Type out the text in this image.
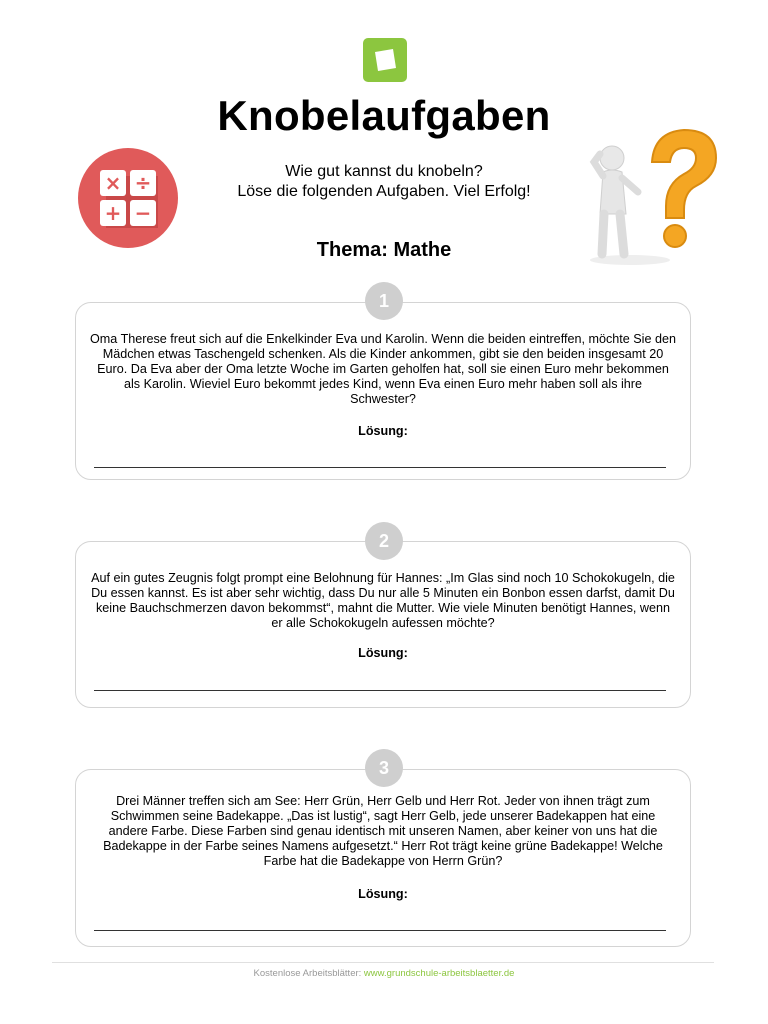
Knobelaufgaben
× ÷
+ −
Wie gut kannst du knobeln?
Löse die folgenden Aufgaben. Viel Erfolg!
Thema: Mathe
Oma Therese freut sich auf die Enkelkinder Eva und Karolin. Wenn die beiden eintreffen, möchte Sie den Mädchen etwas Taschengeld schenken. Als die Kinder ankommen, gibt sie den beiden insgesamt 20 Euro. Da Eva aber der Oma letzte Woche im Garten geholfen hat, soll sie einen Euro mehr bekommen als Karolin. Wieviel Euro bekommt jedes Kind, wenn Eva einen Euro mehr haben soll als ihre Schwester?
Lösung:
1
Auf ein gutes Zeugnis folgt prompt eine Belohnung für Hannes: „Im Glas sind noch 10 Schokokugeln, die Du essen kannst. Es ist aber sehr wichtig, dass Du nur alle 5 Minuten ein Bonbon essen darfst, damit Du keine Bauchschmerzen davon bekommst“, mahnt die Mutter. Wie viele Minuten benötigt Hannes, wenn er alle Schokokugeln aufessen möchte?
Lösung:
2
Drei Männer treffen sich am See: Herr Grün, Herr Gelb und Herr Rot. Jeder von ihnen trägt zum Schwimmen seine Badekappe. „Das ist lustig“, sagt Herr Gelb, jede unserer Badekappen hat eine andere Farbe. Diese Farben sind genau identisch mit unseren Namen, aber keiner von uns hat die Badekappe in der Farbe seines Namens aufgesetzt.“ Herr Rot trägt keine grüne Badekappe! Welche Farbe hat die Badekappe von Herrn Grün?
Lösung:
3
Kostenlose Arbeitsblätter: www.grundschule-arbeitsblaetter.de
